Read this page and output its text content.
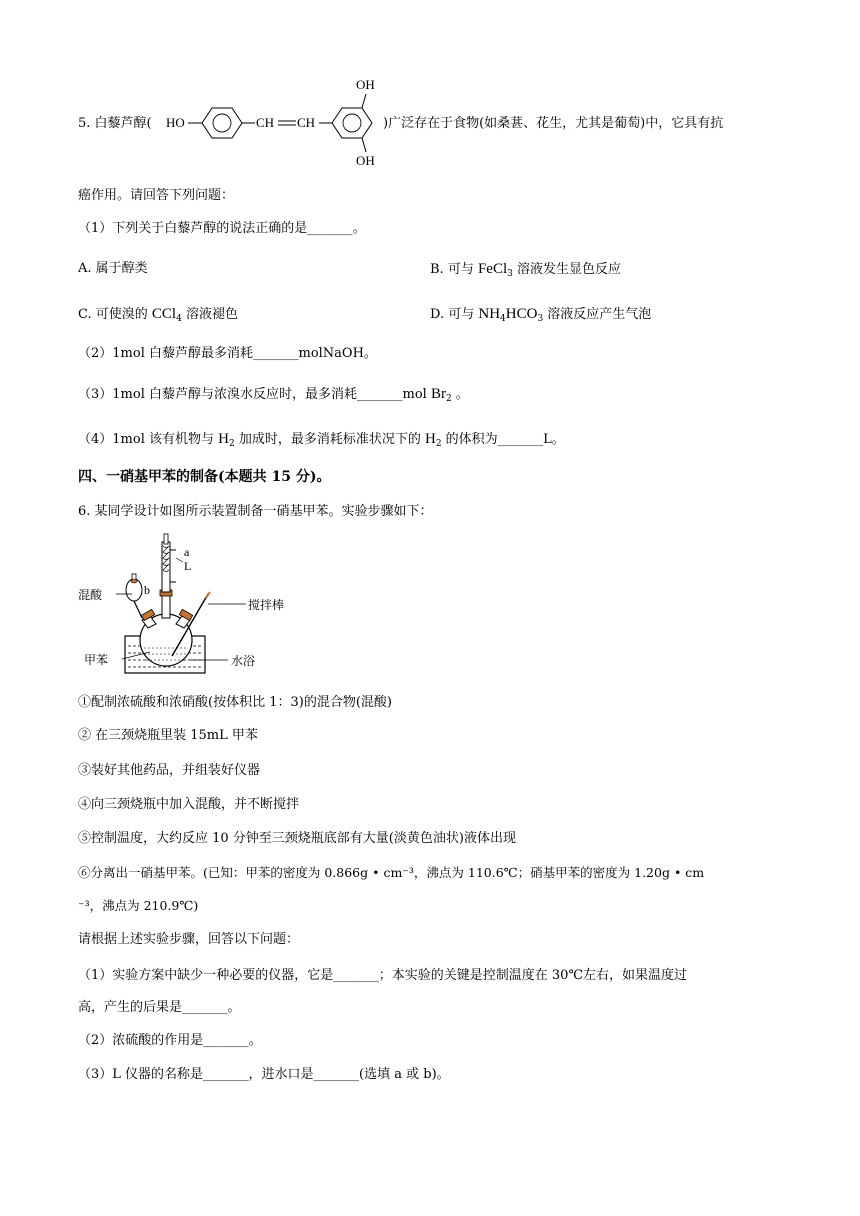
5. 白藜芦醇( HO	CH CH
OH
OH
)广泛存在于食物(如桑葚、花生，尤其是葡萄)中，它具有抗
癌作用。请回答下列问题：
（1）下列关于白藜芦醇的说法正确的是_______。
A. 属于醇类	B. 可与 FeCl$_3$ 溶液发生显色反应
C. 可使溴的 CCl$_4$ 溶液褪色	D. 可与 $NH_4HCO_3$ 溶液反应产生气泡
（2）1mol 白藜芦醇最多消耗_______molNaOH。
（3）1mol 白藜芦醇与浓溴水反应时，最多消耗_______mol $Br_2$ 。
（4）1mol 该有机物与 $H_2$ 加成时，最多消耗标准状况下的 $H_2$ 的体积为_______L。
四、一硝基甲苯的制备(本题共 15 分)。
6. 某同学设计如图所示装置制备一硝基甲苯。实验步骤如下：
a
L
b
混酸
搅拌棒
甲苯	水浴
①配制浓硫酸和浓硝酸(按体积比 1：3)的混合物(混酸)
② 在三颈烧瓶里装 15mL 甲苯
③装好其他药品，并组装好仪器
④向三颈烧瓶中加入混酸，并不断搅拌
⑤控制温度，大约反应 10 分钟至三颈烧瓶底部有大量(淡黄色油状)液体出现
⑥分离出一硝基甲苯。(已知：甲苯的密度为 0.866g • cm⁻³，沸点为 110.6℃；硝基甲苯的密度为 1.20g • cm
⁻³，沸点为 210.9℃)
请根据上述实验步骤，回答以下问题：
（1）实验方案中缺少一种必要的仪器，它是_______；本实验的关键是控制温度在 30℃左右，如果温度过
高，产生的后果是_______。
（2）浓硫酸的作用是_______。
（3）L 仪器的名称是_______，进水口是_______(选填 a 或 b)。
